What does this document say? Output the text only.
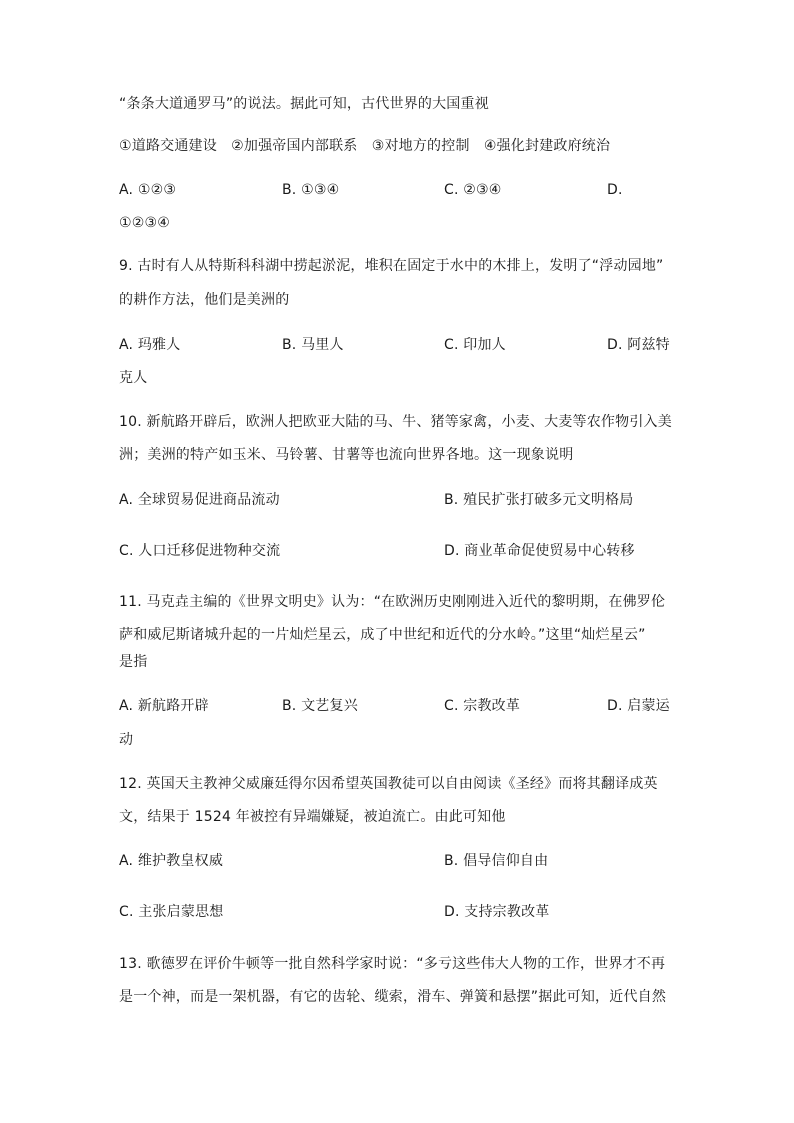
“条条大道通罗马”的说法。据此可知，古代世界的大国重视
①道路交通建设　②加强帝国内部联系　③对地方的控制　④强化封建政府统治
A. ①②③	B. ①③④	C. ②③④	D.
①②③④
9. 古时有人从特斯科科湖中捞起淤泥，堆积在固定于水中的木排上，发明了“浮动园地”
的耕作方法，他们是美洲的
A. 玛雅人	B. 马里人	C. 印加人	D. 阿兹特
克人
10. 新航路开辟后，欧洲人把欧亚大陆的马、牛、猪等家禽，小麦、大麦等农作物引入美
洲；美洲的特产如玉米、马铃薯、甘薯等也流向世界各地。这一现象说明
A. 全球贸易促进商品流动	B. 殖民扩张打破多元文明格局
C. 人口迁移促进物种交流	D. 商业革命促使贸易中心转移
11. 马克垚主编的《世界文明史》认为：“在欧洲历史刚刚进入近代的黎明期，在佛罗伦
萨和威尼斯诸城升起的一片灿烂星云，成了中世纪和近代的分水岭。”这里“灿烂星云”
是指
A. 新航路开辟	B. 文艺复兴	C. 宗教改革	D. 启蒙运
动
12. 英国天主教神父威廉廷得尔因希望英国教徒可以自由阅读《圣经》而将其翻译成英
文，结果于 1524 年被控有异端嫌疑，被迫流亡。由此可知他
A. 维护教皇权威	B. 倡导信仰自由
C. 主张启蒙思想	D. 支持宗教改革
13. 歌德罗在评价牛顿等一批自然科学家时说：“多亏这些伟大人物的工作，世界才不再
是一个神，而是一架机器，有它的齿轮、缆索，滑车、弹簧和悬摆”据此可知，近代自然
